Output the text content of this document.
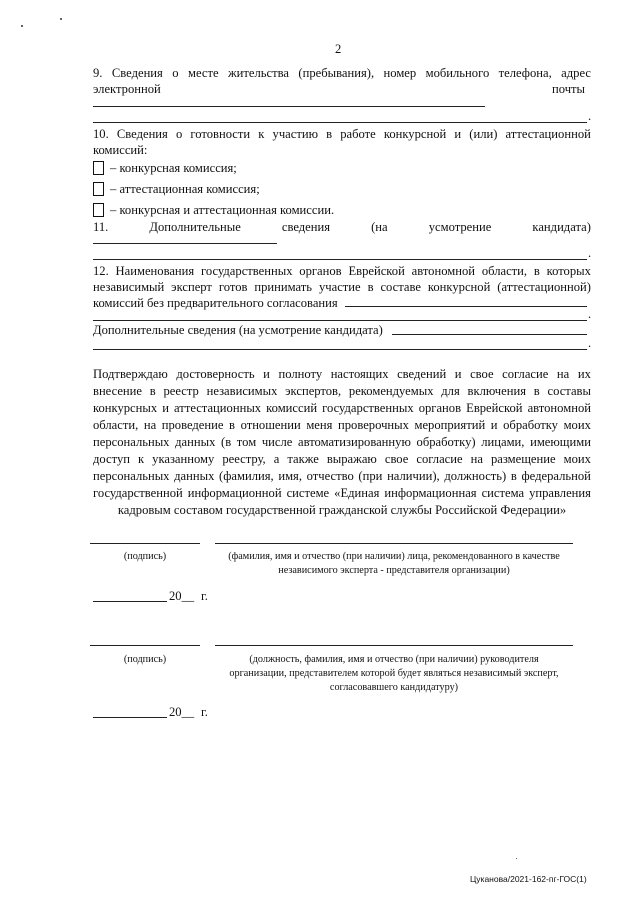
2
9. Сведения о месте жительства (пребывания), номер мобильного телефона, адрес
электронной	почты
.
10. Сведения о готовности к участию в работе конкурсной и (или) аттестационной
комиссий:
– конкурсная комиссия;
– аттестационная комиссия;
– конкурсная и аттестационная комиссии.
11.	Дополнительные	сведения	(на	усмотрение	кандидата)
.
12. Наименования государственных органов Еврейской автономной области, в которых
независимый эксперт готов принимать участие в составе конкурсной (аттестационной)
комиссий без предварительного согласования
.
Дополнительные сведения (на усмотрение кандидата)
.
Подтверждаю достоверность и полноту настоящих сведений и свое согласие на их
внесение в реестр независимых экспертов, рекомендуемых для включения в составы
конкурсных и аттестационных комиссий государственных органов Еврейской автономной
области, на проведение в отношении меня проверочных мероприятий и обработку моих
персональных данных (в том числе автоматизированную обработку) лицами, имеющими
доступ к указанному реестру, а также выражаю свое согласие на размещение моих
персональных данных (фамилия, имя, отчество (при наличии), должность) в федеральной
государственной информационной системе «Единая информационная система управления
кадровым составом государственной гражданской службы Российской Федерации»
(подпись)	(фамилия, имя и отчество (при наличии) лица, рекомендованного в качестве
независимого эксперта - представителя организации)
20__ г.
(подпись)	(должность, фамилия, имя и отчество (при наличии) руководителя
организации, представителем которой будет являться независимый эксперт,
согласовавшего кандидатуру)
20__ г.
Цуканова/2021-162-пг-ГОС(1)
